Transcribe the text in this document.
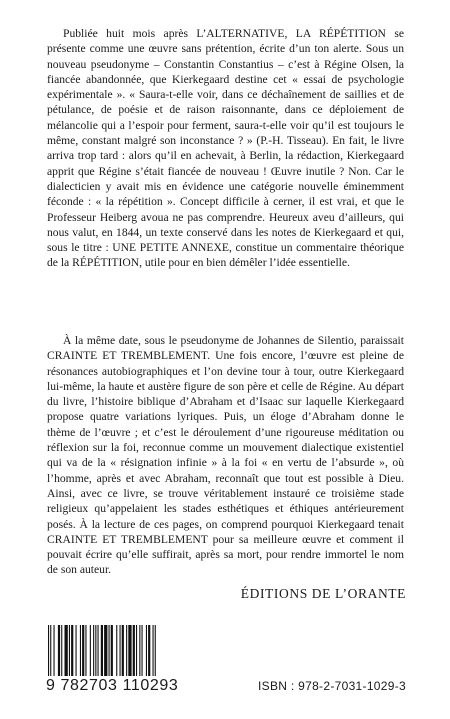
Publiée huit mois après L’ALTERNATIVE, LA RÉPÉTITION se présente comme une œuvre sans prétention, écrite d’un ton alerte. Sous un nouveau pseudonyme – Constantin Constantius – c’est à Régine Olsen, la fiancée abandonnée, que Kierkegaard destine cet « essai de psychologie expérimentale ». « Saura-t-elle voir, dans ce déchaînement de saillies et de pétulance, de poésie et de raison raisonnante, dans ce déploiement de mélancolie qui a l’espoir pour ferment, saura-t-elle voir qu’il est toujours le même, constant malgré son inconstance ? » (P.-H. Tisseau). En fait, le livre arriva trop tard : alors qu’il en achevait, à Berlin, la rédaction, Kierkegaard apprit que Régine s’était fiancée de nouveau ! Œuvre inutile ? Non. Car le dialecticien y avait mis en évidence une catégorie nouvelle éminemment féconde : « la répétition ». Concept difficile à cerner, il est vrai, et que le Professeur Heiberg avoua ne pas comprendre. Heureux aveu d’ailleurs, qui nous valut, en 1844, un texte conservé dans les notes de Kierkegaard et qui, sous le titre : UNE PETITE ANNEXE, constitue un commentaire théorique de la RÉPÉTITION, utile pour en bien démêler l’idée essentielle.

À la même date, sous le pseudonyme de Johannes de Silentio, paraissait CRAINTE ET TREMBLEMENT. Une fois encore, l’œuvre est pleine de résonances autobiographiques et l’on devine tour à tour, outre Kierkegaard lui-même, la haute et austère figure de son père et celle de Régine. Au départ du livre, l’histoire biblique d’Abraham et d’Isaac sur laquelle Kierkegaard propose quatre variations lyriques. Puis, un éloge d’Abraham donne le thème de l’œuvre ; et c’est le déroulement d’une rigoureuse méditation ou réflexion sur la foi, reconnue comme un mouvement dialectique existentiel qui va de la « résignation infinie » à la foi « en vertu de l’absurde », où l’homme, après et avec Abraham, reconnaît que tout est possible à Dieu. Ainsi, avec ce livre, se trouve véritablement instauré ce troisième stade religieux qu’appelaient les stades esthétiques et éthiques antérieurement posés. À la lecture de ces pages, on comprend pourquoi Kierkegaard tenait CRAINTE ET TREMBLEMENT pour sa meilleure œuvre et comment il pouvait écrire qu’elle suffirait, après sa mort, pour rendre immortel le nom de son auteur.

ÉDITIONS DE L’ORANTE
9 782703 110293	ISBN : 978-2-7031-1029-3
